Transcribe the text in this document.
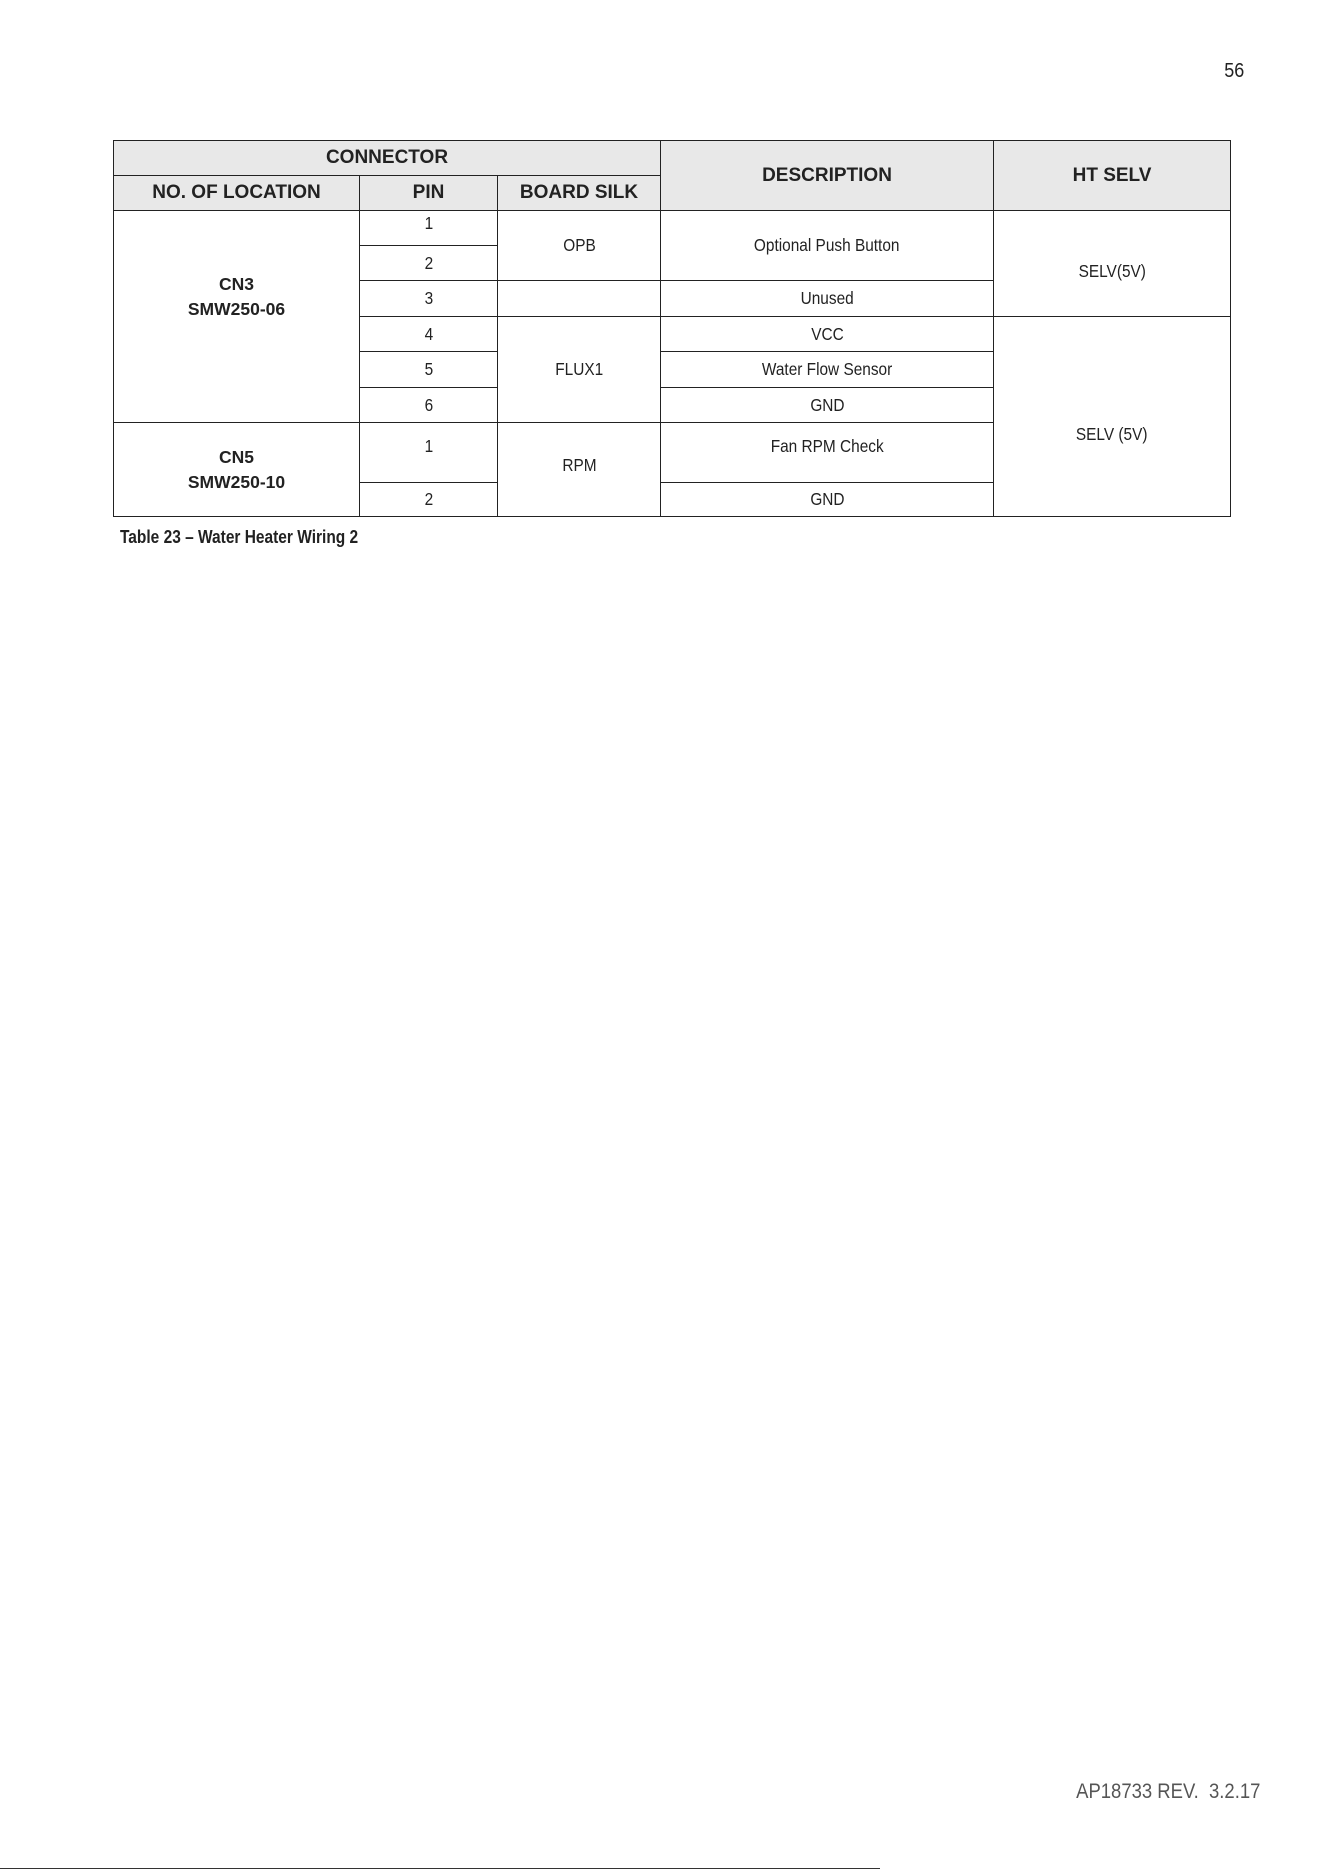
56
CONNECTOR			DESCRIPTION	HT SELV
NO. OF LOCATION	PIN	BOARD SILK		

CN3
SMW250-06	1	OPB	Optional Push Button	SELV(5V)
	2			
	3		Unused	
	4	FLUX1	VCC	SELV (5V)
	5		Water Flow Sensor	
	6		GND	

CN5
SMW250-10	1	RPM	Fan RPM Check	
	2		GND	
Table 23 – Water Heater Wiring 2
AP18733 REV.  3.2.17
